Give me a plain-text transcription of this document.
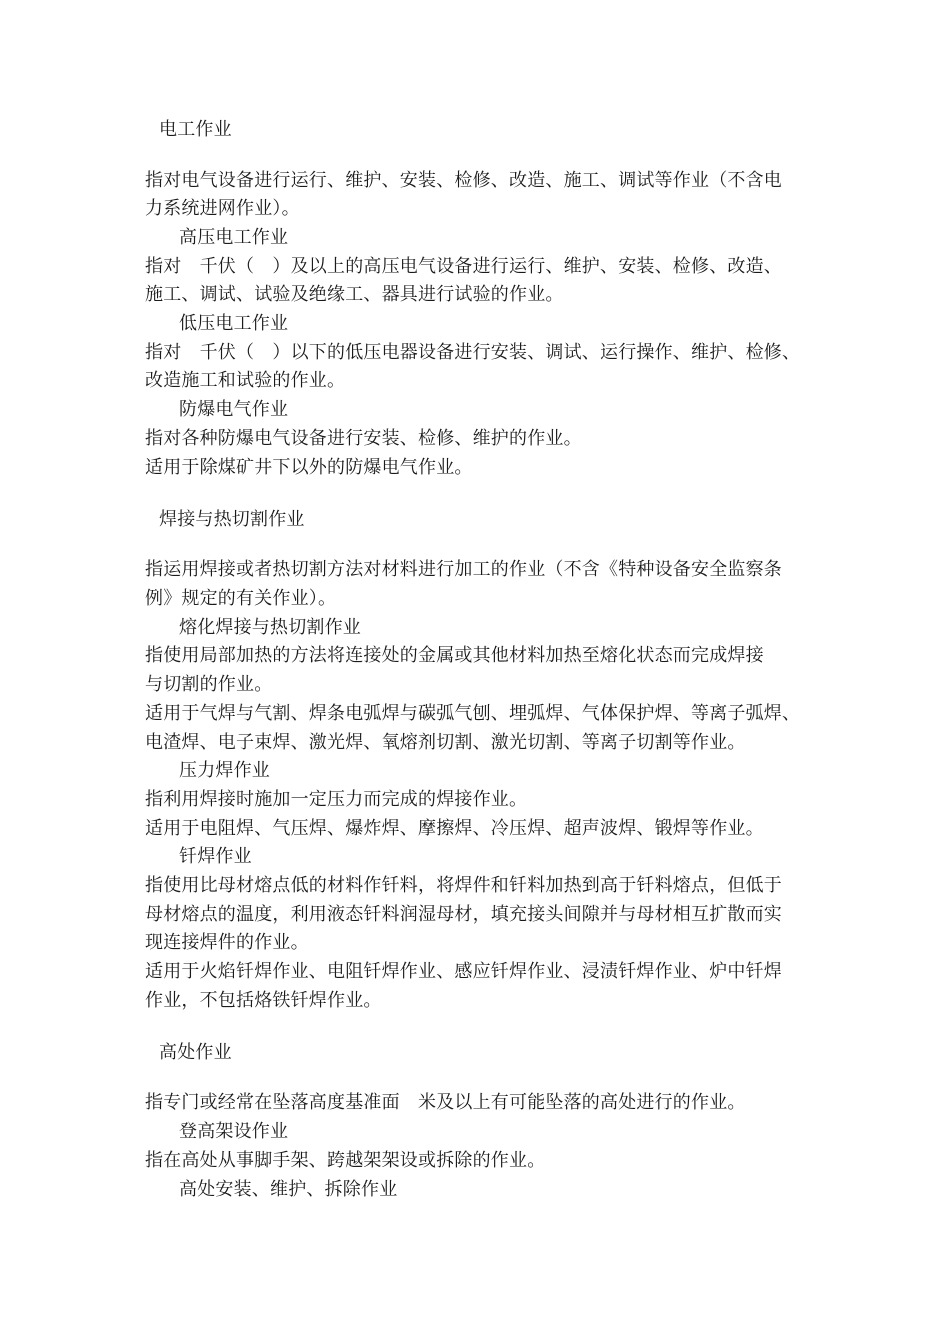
电工作业
指对电气设备进行运行、维护、安装、检修、改造、施工、调试等作业（不含电
力系统进网作业）。
高压电工作业
指对　千伏（　）及以上的高压电气设备进行运行、维护、安装、检修、改造、
施工、调试、试验及绝缘工、器具进行试验的作业。
低压电工作业
指对　千伏（　）以下的低压电器设备进行安装、调试、运行操作、维护、检修、
改造施工和试验的作业。
防爆电气作业
指对各种防爆电气设备进行安装、检修、维护的作业。
适用于除煤矿井下以外的防爆电气作业。
焊接与热切割作业
指运用焊接或者热切割方法对材料进行加工的作业（不含《特种设备安全监察条
例》规定的有关作业）。
熔化焊接与热切割作业
指使用局部加热的方法将连接处的金属或其他材料加热至熔化状态而完成焊接
与切割的作业。
适用于气焊与气割、焊条电弧焊与碳弧气刨、埋弧焊、气体保护焊、等离子弧焊、
电渣焊、电子束焊、激光焊、氧熔剂切割、激光切割、等离子切割等作业。
压力焊作业
指利用焊接时施加一定压力而完成的焊接作业。
适用于电阻焊、气压焊、爆炸焊、摩擦焊、冷压焊、超声波焊、锻焊等作业。
钎焊作业
指使用比母材熔点低的材料作钎料，将焊件和钎料加热到高于钎料熔点，但低于
母材熔点的温度，利用液态钎料润湿母材，填充接头间隙并与母材相互扩散而实
现连接焊件的作业。
适用于火焰钎焊作业、电阻钎焊作业、感应钎焊作业、浸渍钎焊作业、炉中钎焊
作业，不包括烙铁钎焊作业。
高处作业
指专门或经常在坠落高度基准面　米及以上有可能坠落的高处进行的作业。
登高架设作业
指在高处从事脚手架、跨越架架设或拆除的作业。
高处安装、维护、拆除作业
